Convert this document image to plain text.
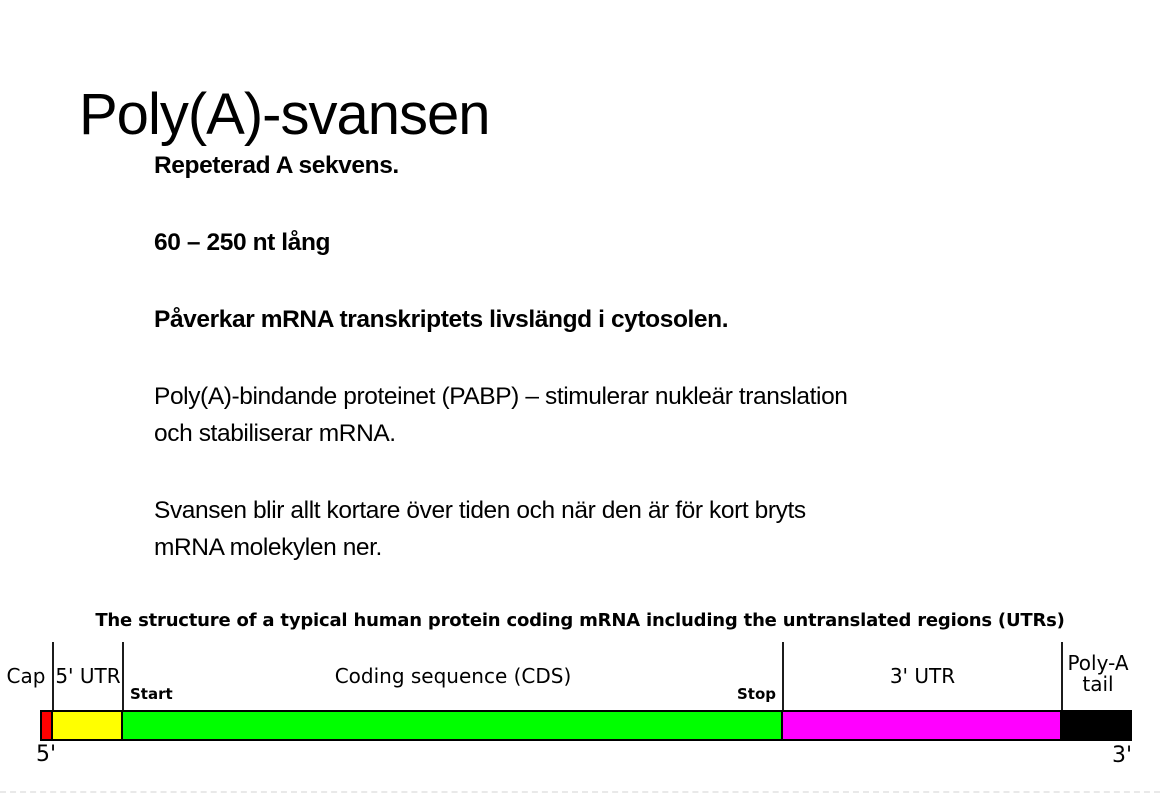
Poly(A)-svansen

Repeterad A sekvens.

60 – 250 nt lång

Påverkar mRNA transkriptets livslängd i cytosolen.

Poly(A)-bindande proteinet (PABP) – stimulerar nukleär translation
och stabiliserar mRNA.

Svansen blir allt kortare över tiden och när den är för kort bryts
mRNA molekylen ner.

The structure of a typical human protein coding mRNA including the untranslated regions (UTRs)
Cap 5' UTR	Coding sequence (CDS)	3' UTR
Start	Stop
Poly-A
tail
5'	3'
